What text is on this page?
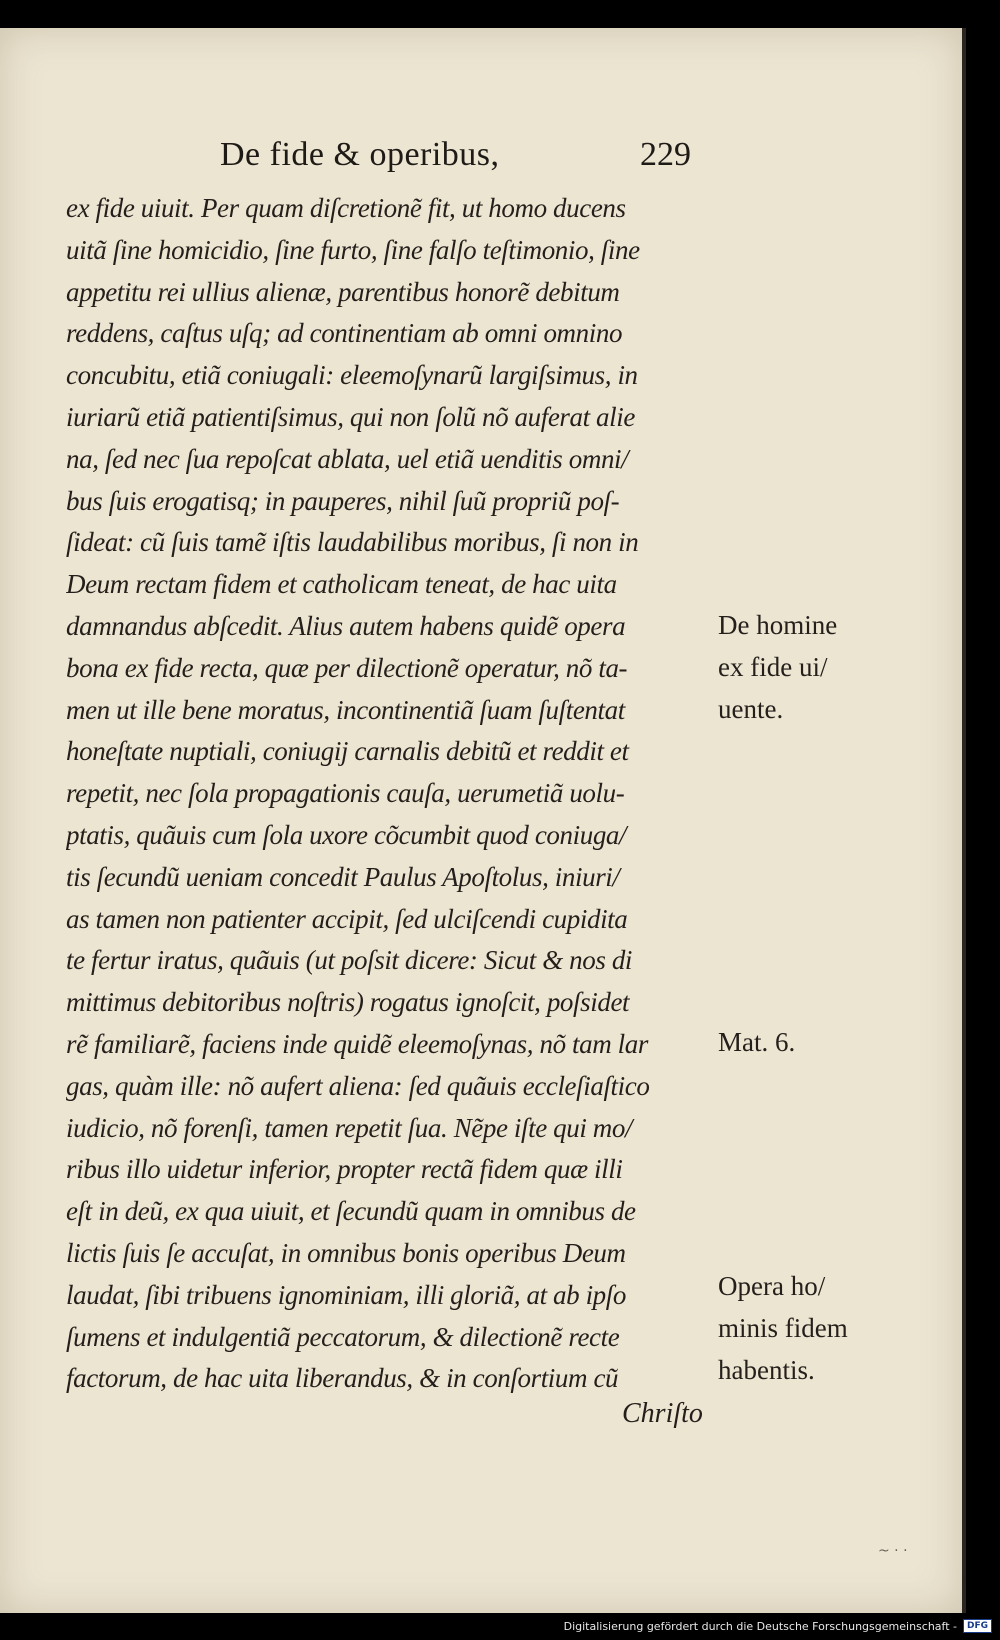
De fide & operibus,	229
ex fide uiuit. Per quam diſcretionẽ fit, ut homo ducens
uitã ſine homicidio, ſine furto, ſine falſo teſtimonio, ſine
appetitu rei ullius alienæ, parentibus honorẽ debitum
reddens, caſtus uſq; ad continentiam ab omni omnino
concubitu, etiã coniugali: eleemoſynarũ largiſsimus, in
iuriarũ etiã patientiſsimus, qui non ſolũ nõ auferat alie
na, ſed nec ſua repoſcat ablata, uel etiã uenditis omni/
bus ſuis erogatisq; in pauperes, nihil ſuũ propriũ poſ-
ſideat: cũ ſuis tamẽ iſtis laudabilibus moribus, ſi non in
Deum rectam fidem et catholicam teneat, de hac uita
damnandus abſcedit. Alius autem habens quidẽ opera
bona ex fide recta, quæ per dilectionẽ operatur, nõ ta-
men ut ille bene moratus, incontinentiã ſuam ſuſtentat
honeſtate nuptiali, coniugij carnalis debitũ et reddit et
repetit, nec ſola propagationis cauſa, uerumetiã uolu-
ptatis, quãuis cum ſola uxore cõcumbit quod coniuga/
tis ſecundũ ueniam concedit Paulus Apoſtolus, iniuri/
as tamen non patienter accipit, ſed ulciſcendi cupidita
te fertur iratus, quãuis (ut poſsit dicere: Sicut & nos di
mittimus debitoribus noſtris) rogatus ignoſcit, poſsidet
rẽ familiarẽ, faciens inde quidẽ eleemoſynas, nõ tam lar
gas, quàm ille: nõ aufert aliena: ſed quãuis eccleſiaſtico
iudicio, nõ forenſi, tamen repetit ſua. Nẽpe iſte qui mo/
ribus illo uidetur inferior, propter rectã fidem quæ illi
eſt in deũ, ex qua uiuit, et ſecundũ quam in omnibus de
lictis ſuis ſe accuſat, in omnibus bonis operibus Deum
laudat, ſibi tribuens ignominiam, illi gloriã, at ab ipſo
ſumens et indulgentiã peccatorum, & dilectionẽ recte
factorum, de hac uita liberandus, & in conſortium cũ
De homine
ex fide ui/
uente.
Mat. 6.
Opera ho/
minis fidem
habentis.
Chriſto
~ · ·
Digitalisierung gefördert durch die Deutsche Forschungsgemeinschaft -	DFG
